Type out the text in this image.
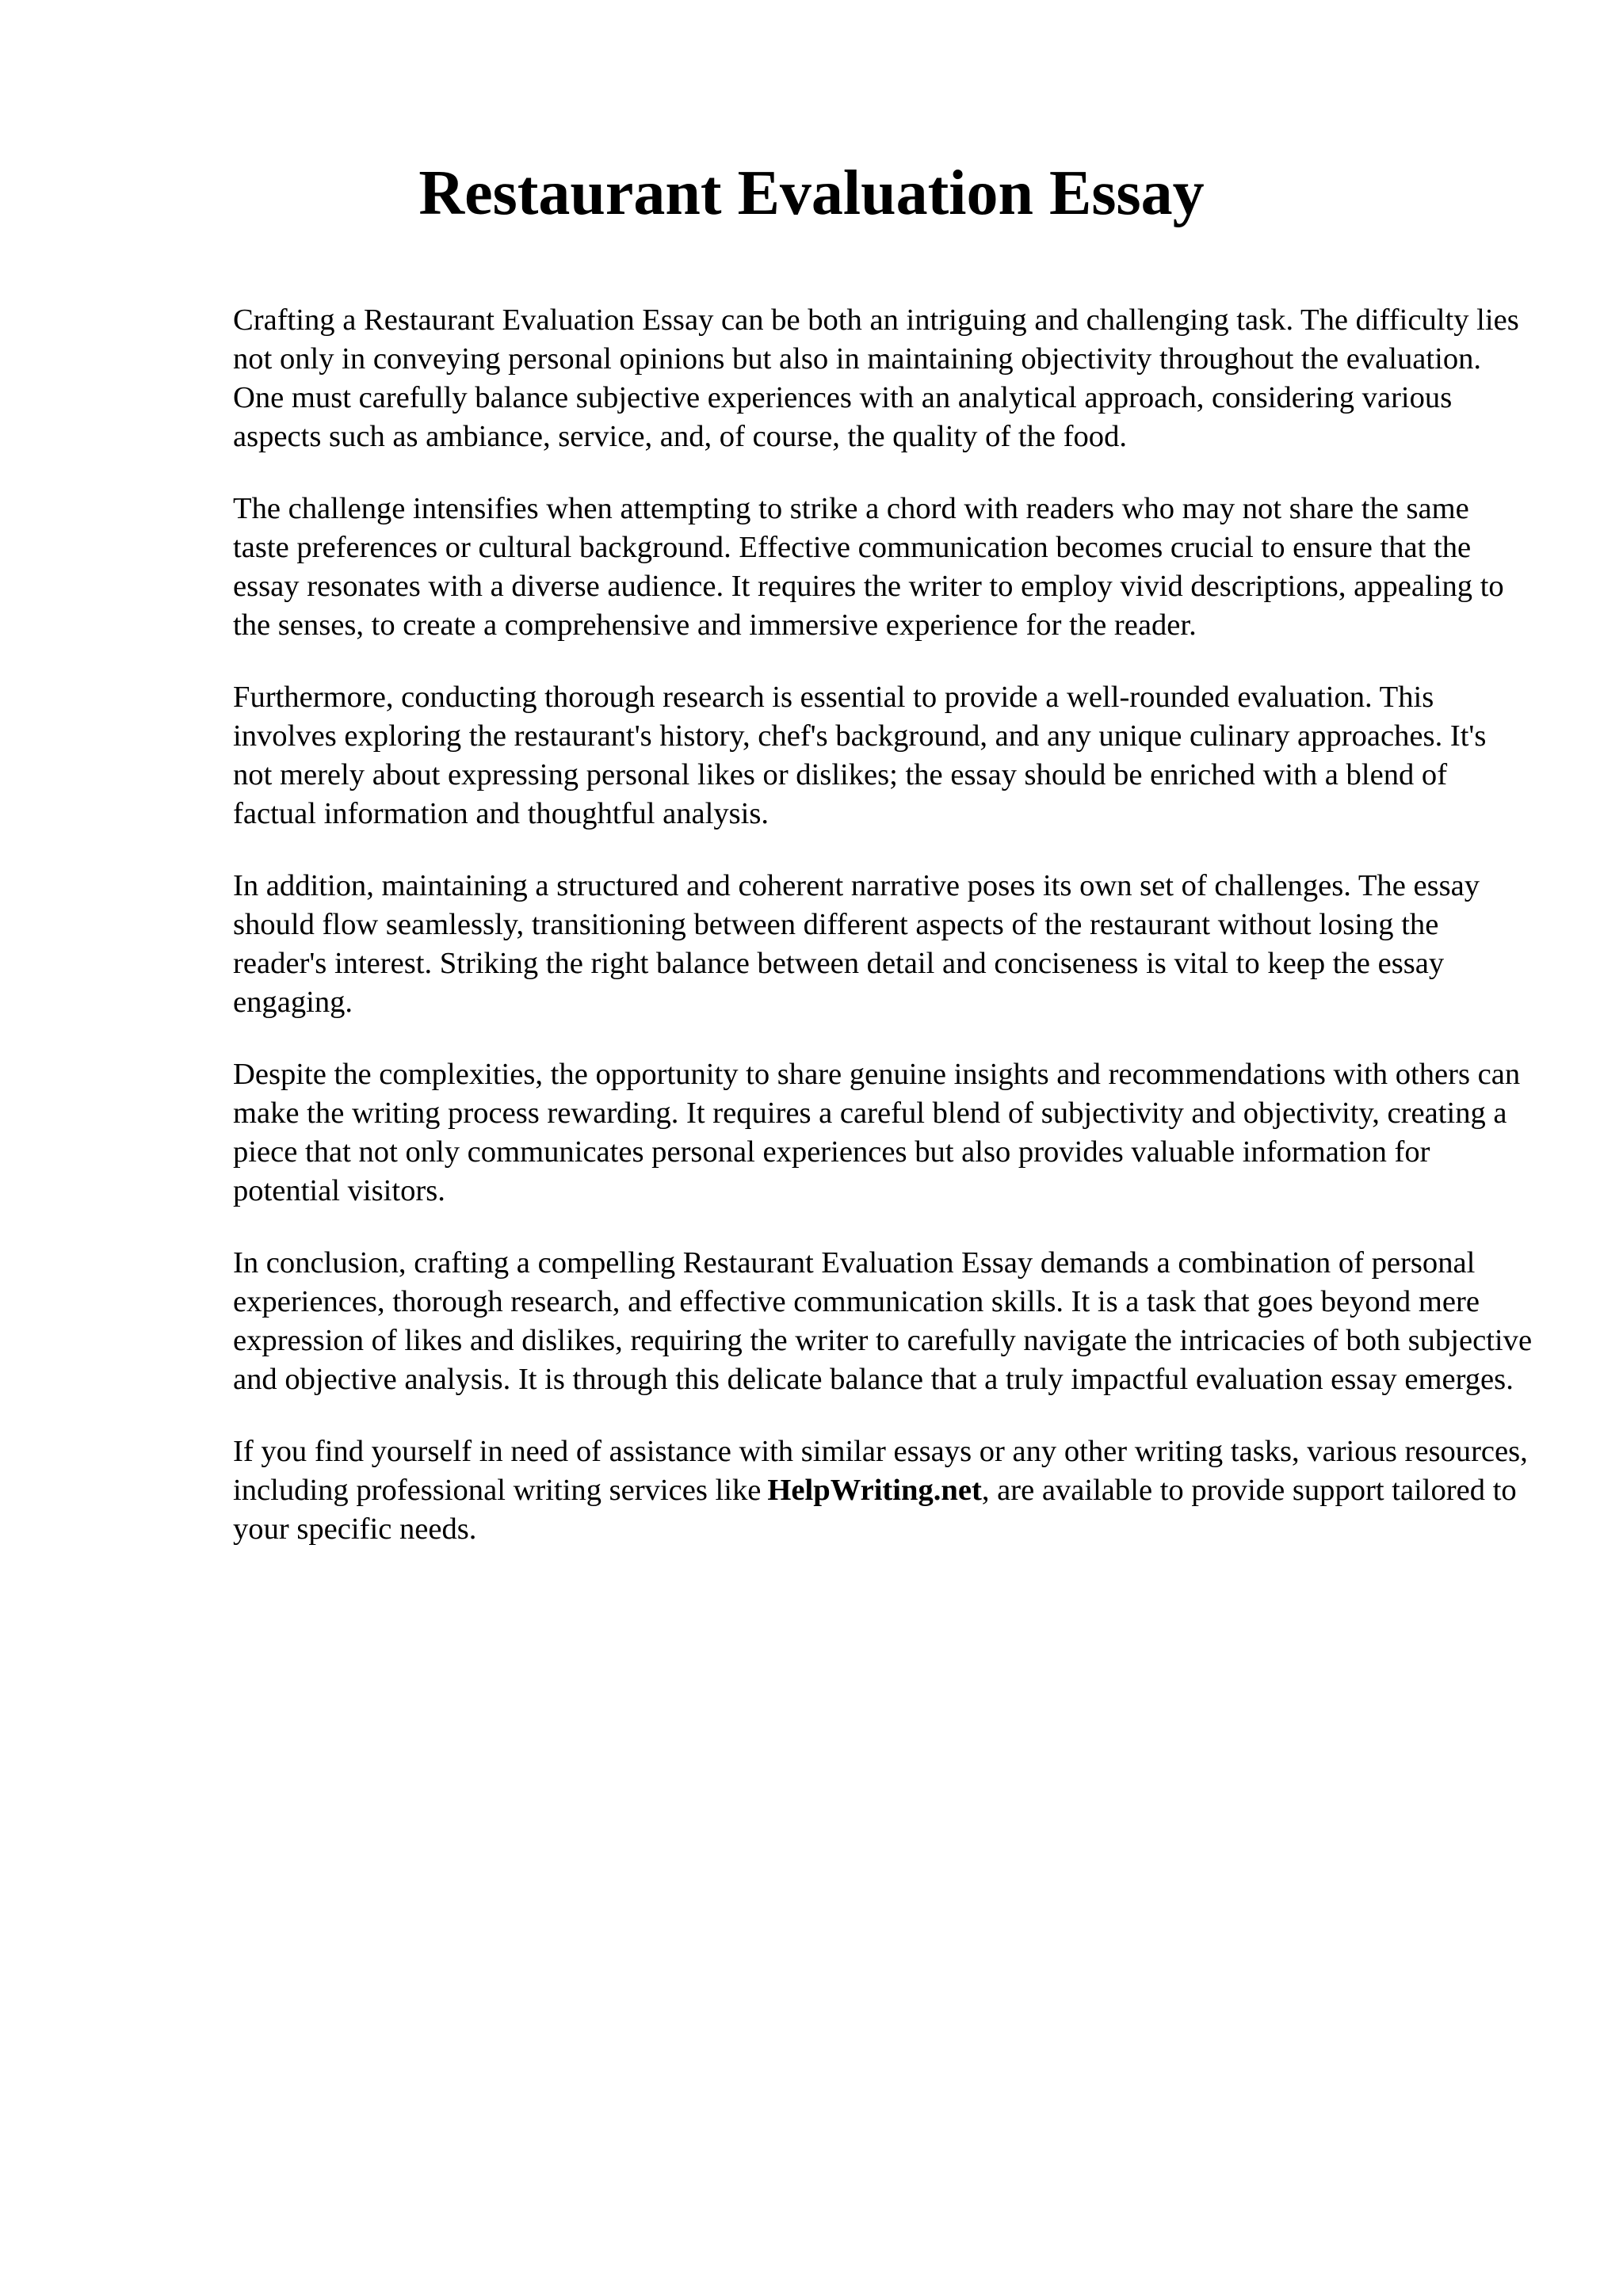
Restaurant Evaluation Essay

Crafting a Restaurant Evaluation Essay can be both an intriguing and challenging task. The difficulty lies not only in conveying personal opinions but also in maintaining objectivity throughout the evaluation. One must carefully balance subjective experiences with an analytical approach, considering various aspects such as ambiance, service, and, of course, the quality of the food.

The challenge intensifies when attempting to strike a chord with readers who may not share the same taste preferences or cultural background. Effective communication becomes crucial to ensure that the essay resonates with a diverse audience. It requires the writer to employ vivid descriptions, appealing to the senses, to create a comprehensive and immersive experience for the reader.

Furthermore, conducting thorough research is essential to provide a well-rounded evaluation. This involves exploring the restaurant's history, chef's background, and any unique culinary approaches. It's not merely about expressing personal likes or dislikes; the essay should be enriched with a blend of factual information and thoughtful analysis.

In addition, maintaining a structured and coherent narrative poses its own set of challenges. The essay should flow seamlessly, transitioning between different aspects of the restaurant without losing the reader's interest. Striking the right balance between detail and conciseness is vital to keep the essay engaging.

Despite the complexities, the opportunity to share genuine insights and recommendations with others can make the writing process rewarding. It requires a careful blend of subjectivity and objectivity, creating a piece that not only communicates personal experiences but also provides valuable information for potential visitors.

In conclusion, crafting a compelling Restaurant Evaluation Essay demands a combination of personal experiences, thorough research, and effective communication skills. It is a task that goes beyond mere expression of likes and dislikes, requiring the writer to carefully navigate the intricacies of both subjective and objective analysis. It is through this delicate balance that a truly impactful evaluation essay emerges.

If you find yourself in need of assistance with similar essays or any other writing tasks, various resources, including professional writing services like HelpWriting.net, are available to provide support tailored to your specific needs.
